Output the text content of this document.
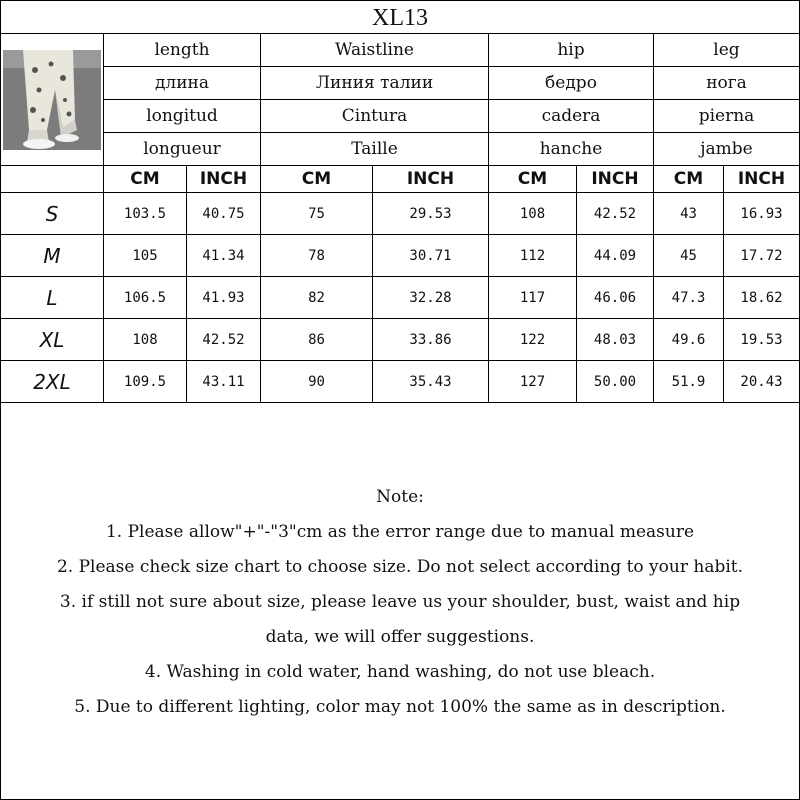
XL13
	length		Waistline		hip		leg	
	длина		Линия талии		бедро		нога	
	longitud		Cintura		cadera		pierna	
	longueur		Taille		hanche		jambe	
	CM	INCH	CM	INCH	CM	INCH	CM	INCH
S	103.5	40.75	75	29.53	108	42.52	43	16.93
M	105	41.34	78	30.71	112	44.09	45	17.72
L	106.5	41.93	82	32.28	117	46.06	47.3	18.62
XL	108	42.52	86	33.86	122	48.03	49.6	19.53
2XL	109.5	43.11	90	35.43	127	50.00	51.9	20.43
Note:
1. Please allow"+"-"3"cm as the error range due to manual measure
2. Please check size chart to choose size. Do not select according to your habit.
3. if still not sure about size, please leave us your shoulder, bust, waist and hip
data, we will offer suggestions.
4. Washing in cold water, hand washing, do not use bleach.
5. Due to different lighting, color may not 100% the same as in description.
